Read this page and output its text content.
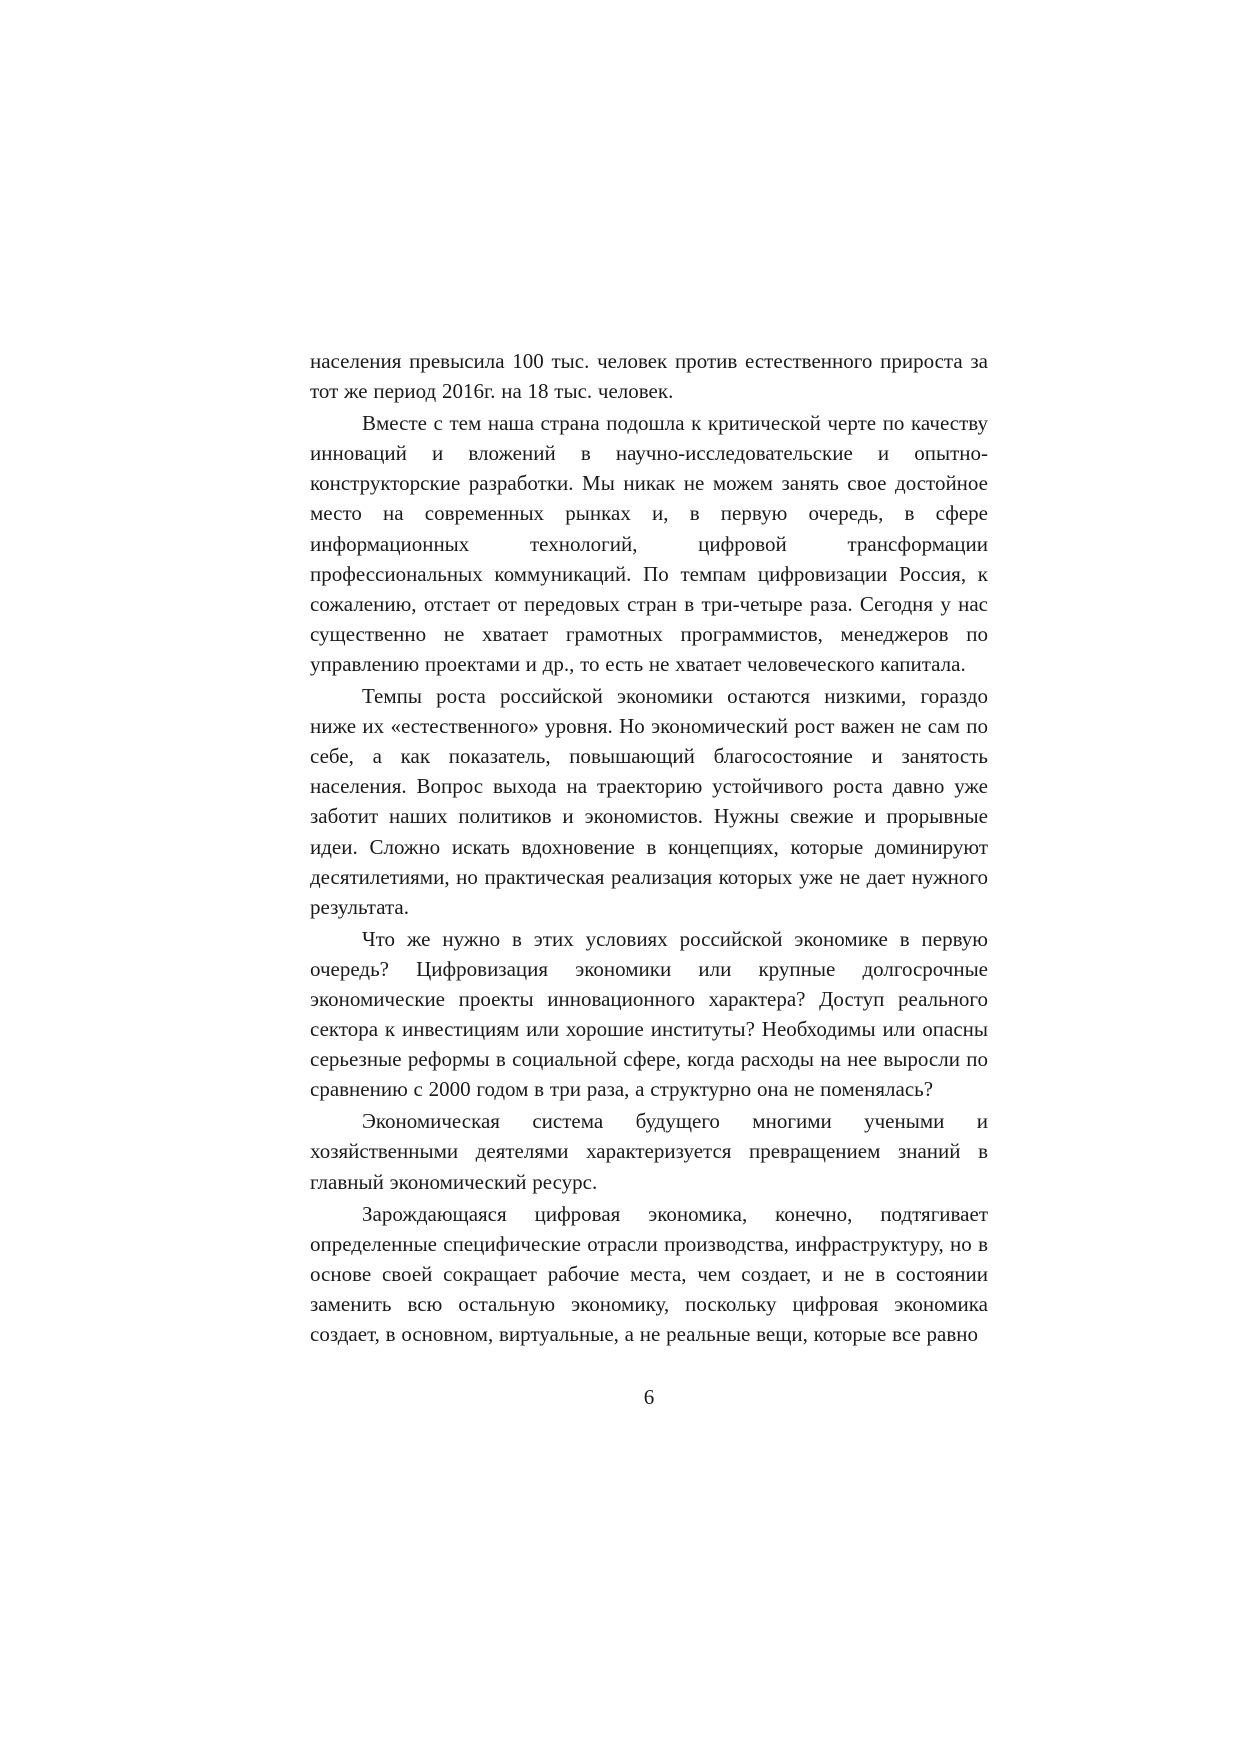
населения превысила 100 тыс. человек против естественного прироста за тот же период 2016г. на 18 тыс. человек.

Вместе с тем наша страна подошла к критической черте по качеству инноваций и вложений в научно-исследовательские и опытно-конструкторские разработки. Мы никак не можем занять свое достойное место на современных рынках и, в первую очередь, в сфере информационных технологий, цифровой трансформации профессиональных коммуникаций. По темпам цифровизации Россия, к сожалению, отстает от передовых стран в три-четыре раза. Сегодня у нас существенно не хватает грамотных программистов, менеджеров по управлению проектами и др., то есть не хватает человеческого капитала.

Темпы роста российской экономики остаются низкими, гораздо ниже их «естественного» уровня. Но экономический рост важен не сам по себе, а как показатель, повышающий благосостояние и занятость населения. Вопрос выхода на траекторию устойчивого роста давно уже заботит наших политиков и экономистов. Нужны свежие и прорывные идеи. Сложно искать вдохновение в концепциях, которые доминируют десятилетиями, но практическая реализация которых уже не дает нужного результата.

Что же нужно в этих условиях российской экономике в первую очередь? Цифровизация экономики или крупные долгосрочные экономические проекты инновационного характера? Доступ реального сектора к инвестициям или хорошие институты? Необходимы или опасны серьезные реформы в социальной сфере, когда расходы на нее выросли по сравнению с 2000 годом в три раза, а структурно она не поменялась?

Экономическая система будущего многими учеными и хозяйственными деятелями характеризуется превращением знаний в главный экономический ресурс.

Зарождающаяся цифровая экономика, конечно, подтягивает определенные специфические отрасли производства, инфраструктуру, но в основе своей сокращает рабочие места, чем создает, и не в состоянии заменить всю остальную экономику, поскольку цифровая экономика создает, в основном, виртуальные, а не реальные вещи, которые все равно

6
